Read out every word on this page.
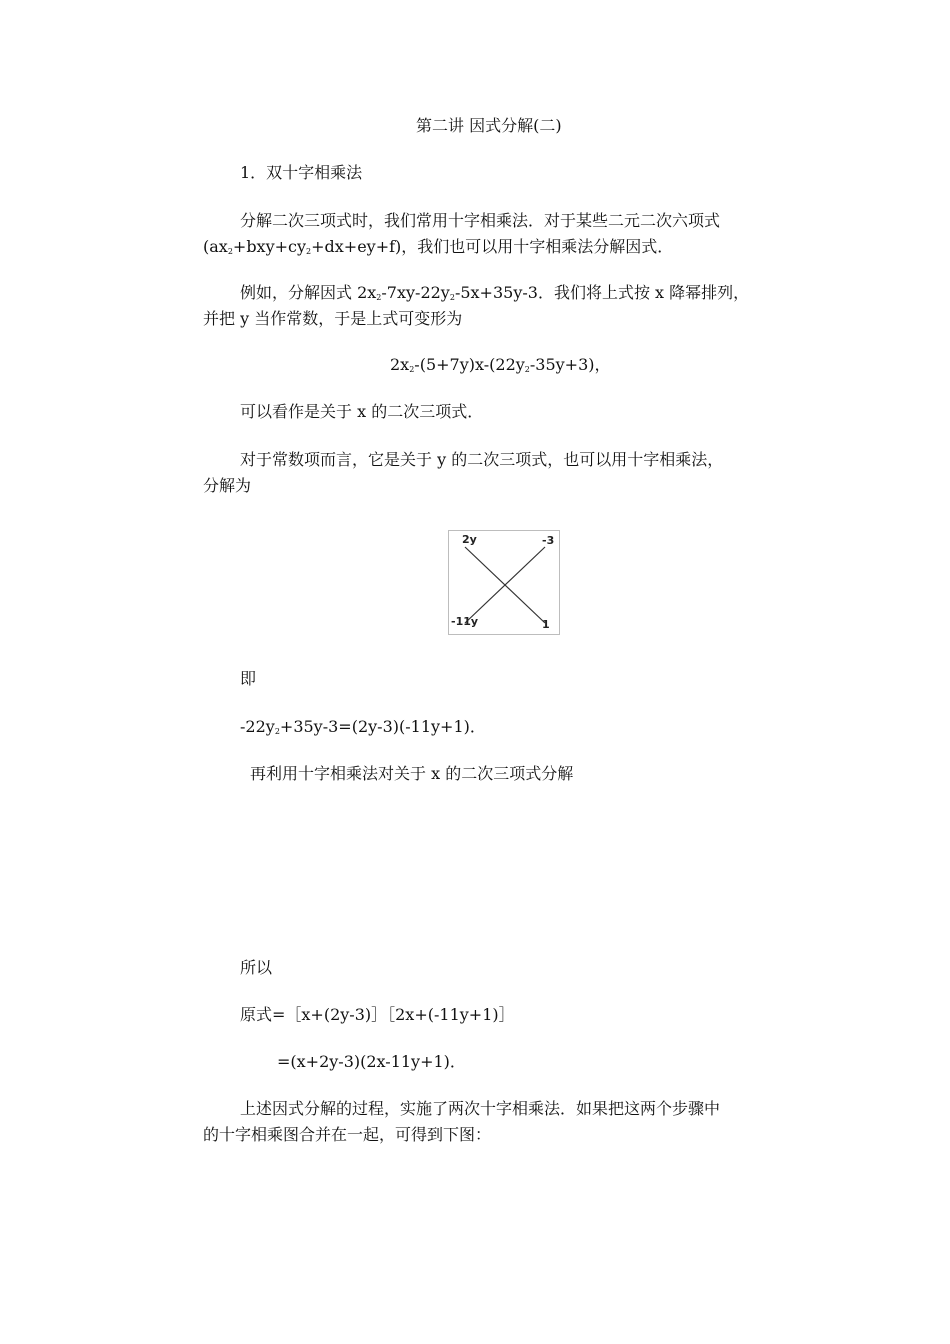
第二讲 因式分解(二)
1．双十字相乘法
分解二次三项式时，我们常用十字相乘法．对于某些二元二次六项式
$(ax_2+bxy+cy_2+dx+ey+f)$，我们也可以用十字相乘法分解因式．
例如，分解因式 $2x_2-7xy-22y_2-5x+35y-3$．我们将上式按 x 降幂排列，
并把 y 当作常数，于是上式可变形为
$2x_2-(5+7y)x-(22y_2-35y+3)$，
可以看作是关于 x 的二次三项式．
对于常数项而言，它是关于 y 的二次三项式，也可以用十字相乘法，
分解为
2y	-3
-11y	1
即
$-22y_2+35y-3=(2y-3)(-11y+1)$．
再利用十字相乘法对关于 x 的二次三项式分解
所以
原式=［x+(2y-3)］［2x+(-11y+1)］
=(x+2y-3)(2x-11y+1)．
上述因式分解的过程，实施了两次十字相乘法．如果把这两个步骤中
的十字相乘图合并在一起，可得到下图：
